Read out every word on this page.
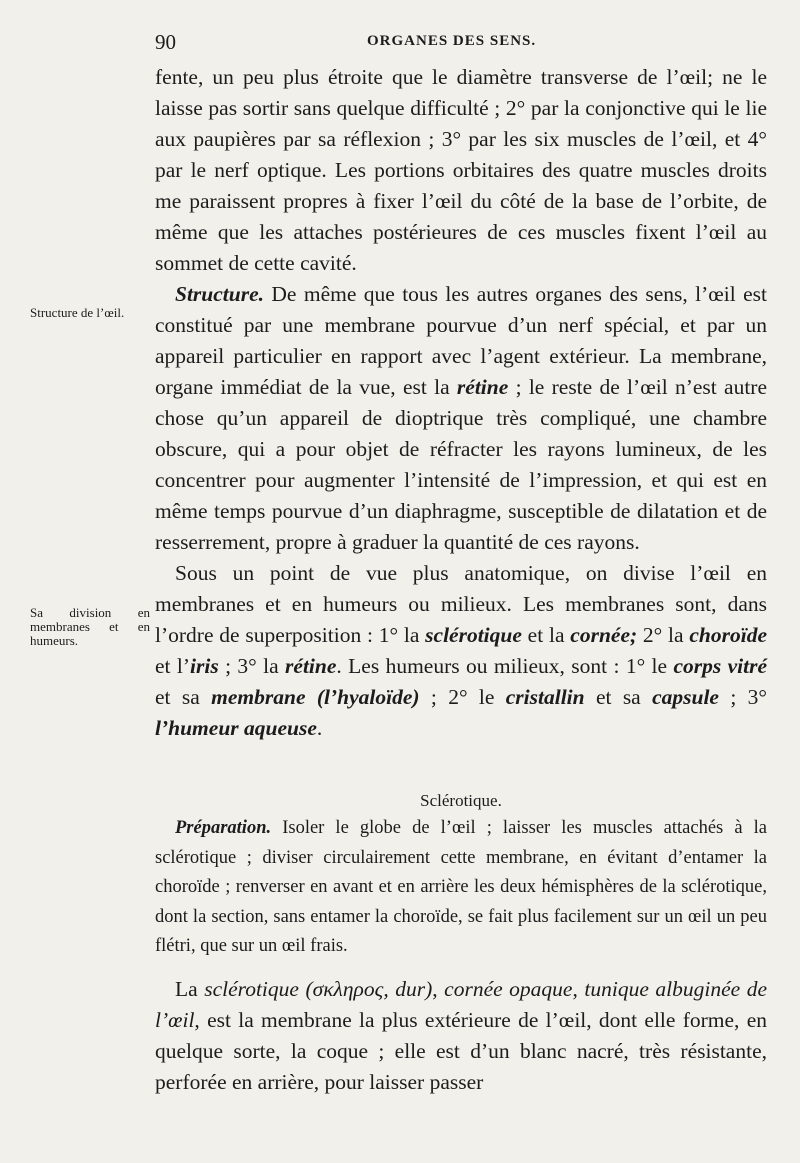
90	ORGANES DES SENS.

fente, un peu plus étroite que le diamètre transverse de l’œil; ne le laisse pas sortir sans quelque difficulté ; 2° par la conjonctive qui le lie aux paupières par sa réflexion ; 3° par les six muscles de l’œil, et 4° par le nerf optique. Les portions orbitaires des quatre muscles droits me paraissent propres à fixer l’œil du côté de la base de l’orbite, de même que les attaches postérieures de ces muscles fixent l’œil au sommet de cette cavité.

Structure. De même que tous les autres organes des sens, l’œil est constitué par une membrane pourvue d’un nerf spécial, et par un appareil particulier en rapport avec l’agent extérieur. La membrane, organe immédiat de la vue, est la rétine ; le reste de l’œil n’est autre chose qu’un appareil de dioptrique très compliqué, une chambre obscure, qui a pour objet de réfracter les rayons lumineux, de les concentrer pour augmenter l’intensité de l’impression, et qui est en même temps pourvue d’un diaphragme, susceptible de dilatation et de resserrement, propre à graduer la quantité de ces rayons.

Sous un point de vue plus anatomique, on divise l’œil en membranes et en humeurs ou milieux. Les membranes sont, dans l’ordre de superposition : 1° la sclérotique et la cornée; 2° la choroïde et l’iris ; 3° la rétine. Les humeurs ou milieux, sont : 1° le corps vitré et sa membrane (l’hyaloïde) ; 2° le cristallin et sa capsule ; 3° l’humeur aqueuse.

Structure de l’œil.
Sa division en membranes et en humeurs.

Sclérotique.

Préparation. Isoler le globe de l’œil ; laisser les muscles attachés à la sclérotique ; diviser circulairement cette membrane, en évitant d’entamer la choroïde ; renverser en avant et en arrière les deux hémisphères de la sclérotique, dont la section, sans entamer la choroïde, se fait plus facilement sur un œil un peu flétri, que sur un œil frais.

La sclérotique (σκληρος, dur), cornée opaque, tunique albuginée de l’œil, est la membrane la plus extérieure de l’œil, dont elle forme, en quelque sorte, la coque ; elle est d’un blanc nacré, très résistante, perforée en arrière, pour laisser passer
